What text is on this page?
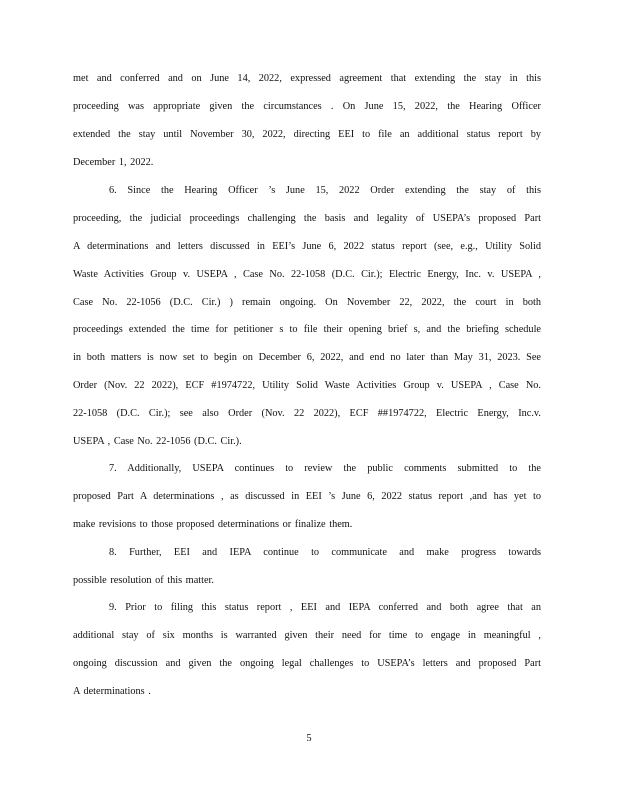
met and conferred and on June 14, 2022, expressed agreement that extending the stay in this
proceeding was appropriate given the circumstances . On June 15, 2022, the Hearing Officer
extended the stay until November 30, 2022, directing EEI to file an additional status report by
December 1, 2022.
6. Since the Hearing Officer ’s June 15, 2022 Order extending the stay of this
proceeding, the judicial proceedings challenging the basis and legality of USEPA’s proposed Part
A determinations and letters discussed in EEI’s June 6, 2022 status report (see, e.g., Utility Solid
Waste Activities Group v. USEPA , Case No. 22-1058 (D.C. Cir.); Electric Energy, Inc. v. USEPA ,
Case No. 22-1056 (D.C. Cir.) ) remain ongoing. On November 22, 2022, the court in both
proceedings extended the time for petitioner s to file their opening brief s, and the briefing schedule
in both matters is now set to begin on December 6, 2022, and end no later than May 31, 2023. See
Order (Nov. 22 2022), ECF #1974722, Utility Solid Waste Activities Group v. USEPA , Case No.
22-1058 (D.C. Cir.); see also Order (Nov. 22 2022), ECF ##1974722, Electric Energy, Inc.v.
USEPA , Case No. 22-1056 (D.C. Cir.).
7. Additionally, USEPA continues to review the public comments submitted to the
proposed Part A determinations , as discussed in EEI ’s June 6, 2022 status report ,and has yet to
make revisions to those proposed determinations or finalize them.
8. Further, EEI and IEPA continue to communicate and make progress towards
possible resolution of this matter.
9. Prior to filing this status report , EEI and IEPA conferred and both agree that an
additional stay of six months is warranted given their need for time to engage in meaningful ,
ongoing discussion and given the ongoing legal challenges to USEPA’s letters and proposed Part
A determinations .
5
